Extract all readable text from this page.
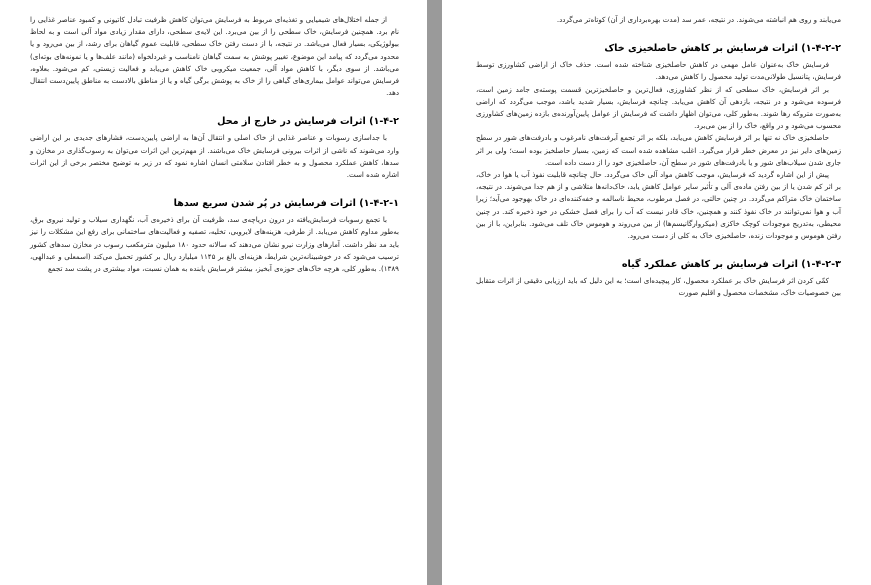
از جمله اختلال‌های شیمیایی و تغذیه‌ای مربوط به فرسایش می‌توان کاهش ظرفیت تبادل کاتیونی و کمبود عناصر غذایی را نام برد. همچنین فرسایش، خاک سطحی را از بین می‌برد. این لایه‌ی سطحی، دارای مقدار زیادی مواد آلی است و به لحاظ بیولوژیکی، بسیار فعال می‌باشد. در نتیجه، با از دست رفتن خاک سطحی، قابلیت عموم گیاهان برای رشد، از بین می‌رود و یا محدود می‌گردد که پیامد این موضوع، تغییر پوشش به سمت گیاهان نامناسب و غیردلخواه (مانند علف‌ها و یا نمونه‌های بوته‌ای) می‌باشد. از سوی دیگر، با کاهش مواد آلی، جمعیت میکروبی خاک کاهش می‌یابد و فعالیت زیستی، کم می‌شود. بعلاوه، فرسایش می‌تواند عوامل بیماری‌های گیاهی را از خاک به پوشش برگی گیاه و یا از مناطق بالادست به مناطق پایین‌دست انتقال دهد.

۱-۴-۲) اثرات فرسایش در خارج از محل

با جداسازی رسوبات و عناصر غذایی از خاک اصلی و انتقال آن‌ها به اراضی پایین‌دست، فشارهای جدیدی بر این اراضی وارد می‌شوند که ناشی از اثرات بیرونی فرسایش خاک می‌باشند. از مهم‌ترین این اثرات می‌توان به رسوب‌گذاری در مخازن و سدها، کاهش عملکرد محصول و به خطر افتادن سلامتی انسان اشاره نمود که در زیر به توضیح مختصر برخی از این اثرات اشاره شده است.

۱-۴-۲-۱) اثرات فرسایش در پُر شدن سریع سدها

با تجمع رسوبات فرسایش‌یافته در درون دریاچه‌ی سد، ظرفیت آن برای ذخیره‌ی آب، نگهداری سیلاب و تولید نیروی برق، به‌طور مداوم کاهش می‌یابد. از طرفی، هزینه‌های لایروبی، تخلیه، تصفیه و فعالیت‌های ساختمانی برای رفع این مشکلات را نیز باید مد نظر داشت. آمارهای وزارت نیرو نشان می‌دهند که سالانه حدود ۱۸۰ میلیون مترمکعب رسوب در مخازن سدهای کشور ترسیب می‌شود که در خوشبینانه‌ترین شرایط، هزینه‌ای بالغ بر ۱۱۴۵ میلیارد ریال بر کشور تحمیل می‌کند (اسمعلی و عبدالهی، ۱۳۸۹). به‌طور کلی، هرچه خاک‌های حوزه‌ی آبخیز، بیشتر فرسایش یابنده به همان نسبت، مواد بیشتری در پشت سد تجمع

می‌یابند و روی هم انباشته می‌شوند. در نتیجه، عمر سد (مدت بهره‌برداری از آن) کوتاه‌تر می‌گردد.

۱-۴-۲-۲) اثرات فرسایش بر کاهش حاصلخیزی خاک

فرسایش خاک به‌عنوان عامل مهمی در کاهش حاصلخیزی شناخته شده است. حذف خاک از اراضی کشاورزی توسط فرسایش، پتانسیل طولانی‌مدت تولید محصول را کاهش می‌دهد.

بر اثر فرسایش، خاک سطحی که از نظر کشاورزی، فعال‌ترین و حاصلخیزترین قسمت پوسته‌ی جامد زمین است، فرسوده می‌شود و در نتیجه، بازدهی آن کاهش می‌یابد. چنانچه فرسایش، بسیار شدید باشد، موجب می‌گردد که اراضی به‌صورت متروکه رها شوند. به‌طور کلی، می‌توان اظهار داشت که فرسایش از عوامل پایین‌آورنده‌ی بازده زمین‌های کشاورزی محسوب می‌شود و در واقع، خاک را از بین می‌برد.

حاصلخیزی خاک نه تنها بر اثر فرسایش کاهش می‌یابد، بلکه بر اثر تجمع آبرفت‌های نامرغوب و بادرفت‌های شور در سطح زمین‌های دایر نیز در معرض خطر قرار می‌گیرد. اغلب مشاهده شده است که زمین، بسیار حاصلخیز بوده است؛ ولی بر اثر جاری شدن سیلاب‌های شور و یا بادرفت‌های شور در سطح آن، حاصلخیزی خود را از دست داده است.

پیش از این اشاره گردید که فرسایش، موجب کاهش مواد آلی خاک می‌گردد. حال چنانچه قابلیت نفوذ آب یا هوا در خاک، بر اثر کم شدن یا از بین رفتن ماده‌ی آلی و تأثیر سایر عوامل کاهش یابد، خاک‌دانه‌ها متلاشی و از هم جدا می‌شوند. در نتیجه، ساختمان خاک متراکم می‌گردد. در چنین حالتی، در فصل مرطوب، محیط ناسالمه و خفه‌کننده‌ای در خاک بهوجود می‌آید؛ زیرا آب و هوا نمی‌توانند در خاک نفوذ کنند و همچنین، خاک قادر نیست که آب را برای فصل خشکی در خود ذخیره کند. در چنین محیطی، به‌تدریج موجودات کوچک خاکزی (میکروارگانیسم‌ها) از بین می‌روند و هوموس خاک تلف می‌شود. بنابراین، با از بین رفتن هوموس و موجودات زنده، حاصلخیزی خاک به کلی از دست می‌رود.

۱-۴-۲-۳) اثرات فرسایش بر کاهش عملکرد گیاه

کمّی کردن اثر فرسایش خاک بر عملکرد محصول، کار پیچیده‌ای است؛ به این دلیل که باید ارزیابی دقیقی از اثرات متقابل بین خصوصیات خاک، مشخصات محصول و اقلیم صورت
